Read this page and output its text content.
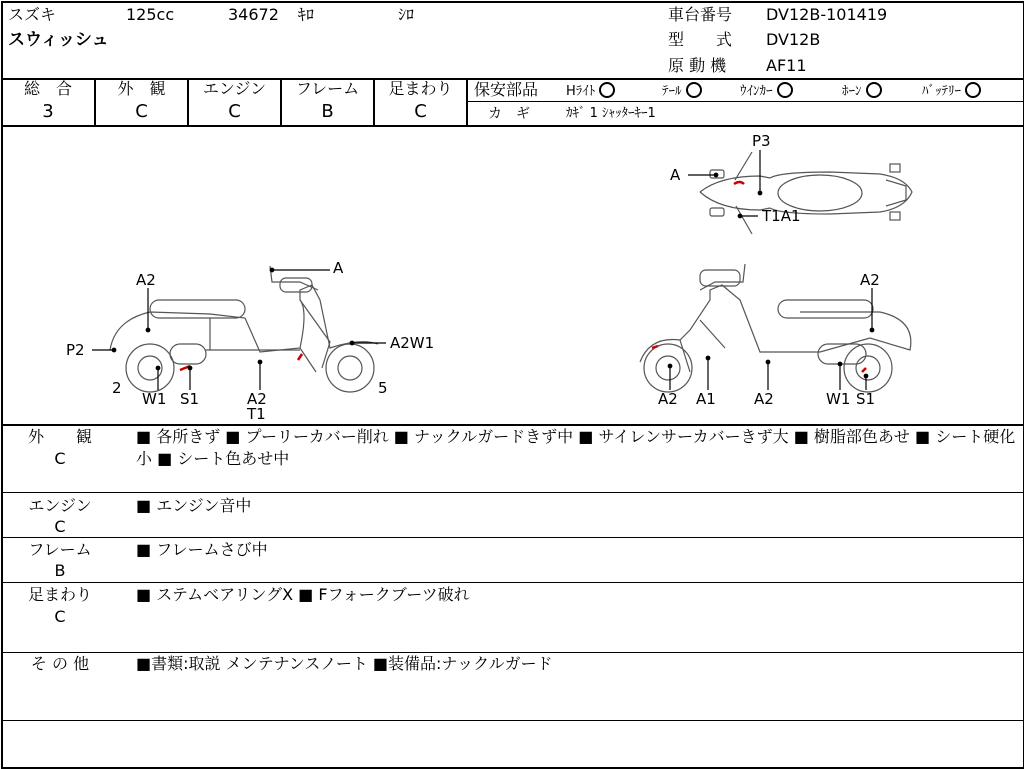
スズキ	125cc	34672 ｷﾛ	ｼﾛ
スウィッシュ
車台番号 DV12B-101419
型　　式 DV12B
原 動 機 AF11
総　合
3
外　観
C
エンジン
C
フレーム
B
足まわり
C
保安部品 Hﾗｲﾄ	ﾃｰﾙ	ｳｲﾝｶｰ	ﾎｰﾝ	ﾊﾞｯﾃﾘｰ
カ　ギ	ｶｷﾞ 1 ｼｬｯﾀｰｷｰ1
A
P3
T1A1
A2
A
P2	A2W1
2	5
W1 S1	A2
T1
A2
A2 A1	A2	W1 S1
外　　観
C
■ 各所きず ■ プーリーカバー削れ ■ ナックルガードきず中 ■ サイレンサーカバーきず大 ■ 樹脂部色あせ ■ シート硬化小 ■ シート色あせ中
エンジン
C
■ エンジン音中
フレーム
B
■ フレームさび中
足まわり
C
■ ステムベアリングX ■ Fフォークブーツ破れ
そ の 他	■書類:取説 メンテナンスノート ■装備品:ナックルガード
